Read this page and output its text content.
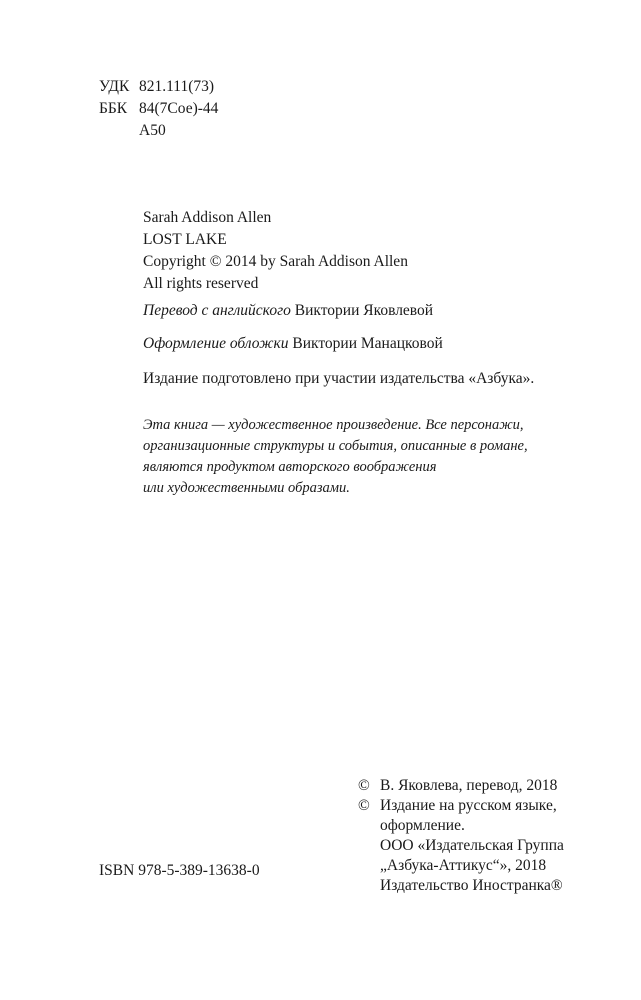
УДК 821.111(73)
ББК 84(7Сое)-44
А50
Sarah Addison Allen
LOST LAKE
Copyright © 2014 by Sarah Addison Allen
All rights reserved
Перевод с английского Виктории Яковлевой
Оформление обложки Виктории Манацковой
Издание подготовлено при участии издательства «Азбука».
Эта книга — художественное произведение. Все персонажи,
организационные структуры и события, описанные в романе,
являются продуктом авторского воображения
или художественными образами.
© В. Яковлева, перевод, 2018
© Издание на русском языке,
оформление.
ООО «Издательская Группа
„Азбука-Аттикус“», 2018
Издательство Иностранка®
ISBN 978-5-389-13638-0
